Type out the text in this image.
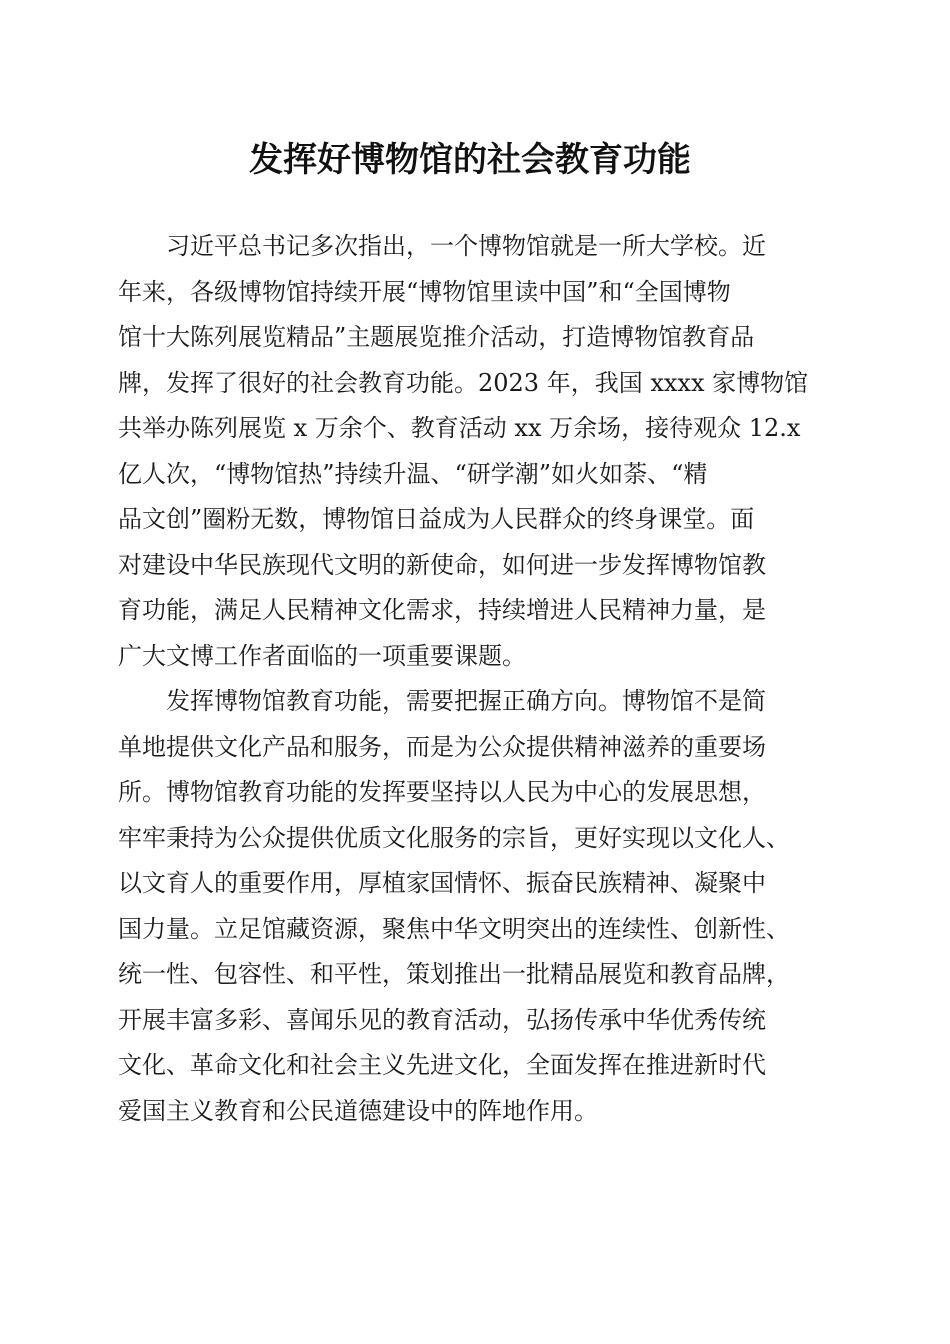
发挥好博物馆的社会教育功能
习近平总书记多次指出，一个博物馆就是一所大学校。近
年来，各级博物馆持续开展“博物馆里读中国”和“全国博物
馆十大陈列展览精品”主题展览推介活动，打造博物馆教育品
牌，发挥了很好的社会教育功能。2023 年，我国 xxxx 家博物馆
共举办陈列展览 x 万余个、教育活动 xx 万余场，接待观众 12.x
亿人次，“博物馆热”持续升温、“研学潮”如火如荼、“精
品文创”圈粉无数，博物馆日益成为人民群众的终身课堂。面
对建设中华民族现代文明的新使命，如何进一步发挥博物馆教
育功能，满足人民精神文化需求，持续增进人民精神力量，是
广大文博工作者面临的一项重要课题。
发挥博物馆教育功能，需要把握正确方向。博物馆不是简
单地提供文化产品和服务，而是为公众提供精神滋养的重要场
所。博物馆教育功能的发挥要坚持以人民为中心的发展思想，
牢牢秉持为公众提供优质文化服务的宗旨，更好实现以文化人、
以文育人的重要作用，厚植家国情怀、振奋民族精神、凝聚中
国力量。立足馆藏资源，聚焦中华文明突出的连续性、创新性、
统一性、包容性、和平性，策划推出一批精品展览和教育品牌，
开展丰富多彩、喜闻乐见的教育活动，弘扬传承中华优秀传统
文化、革命文化和社会主义先进文化，全面发挥在推进新时代
爱国主义教育和公民道德建设中的阵地作用。
